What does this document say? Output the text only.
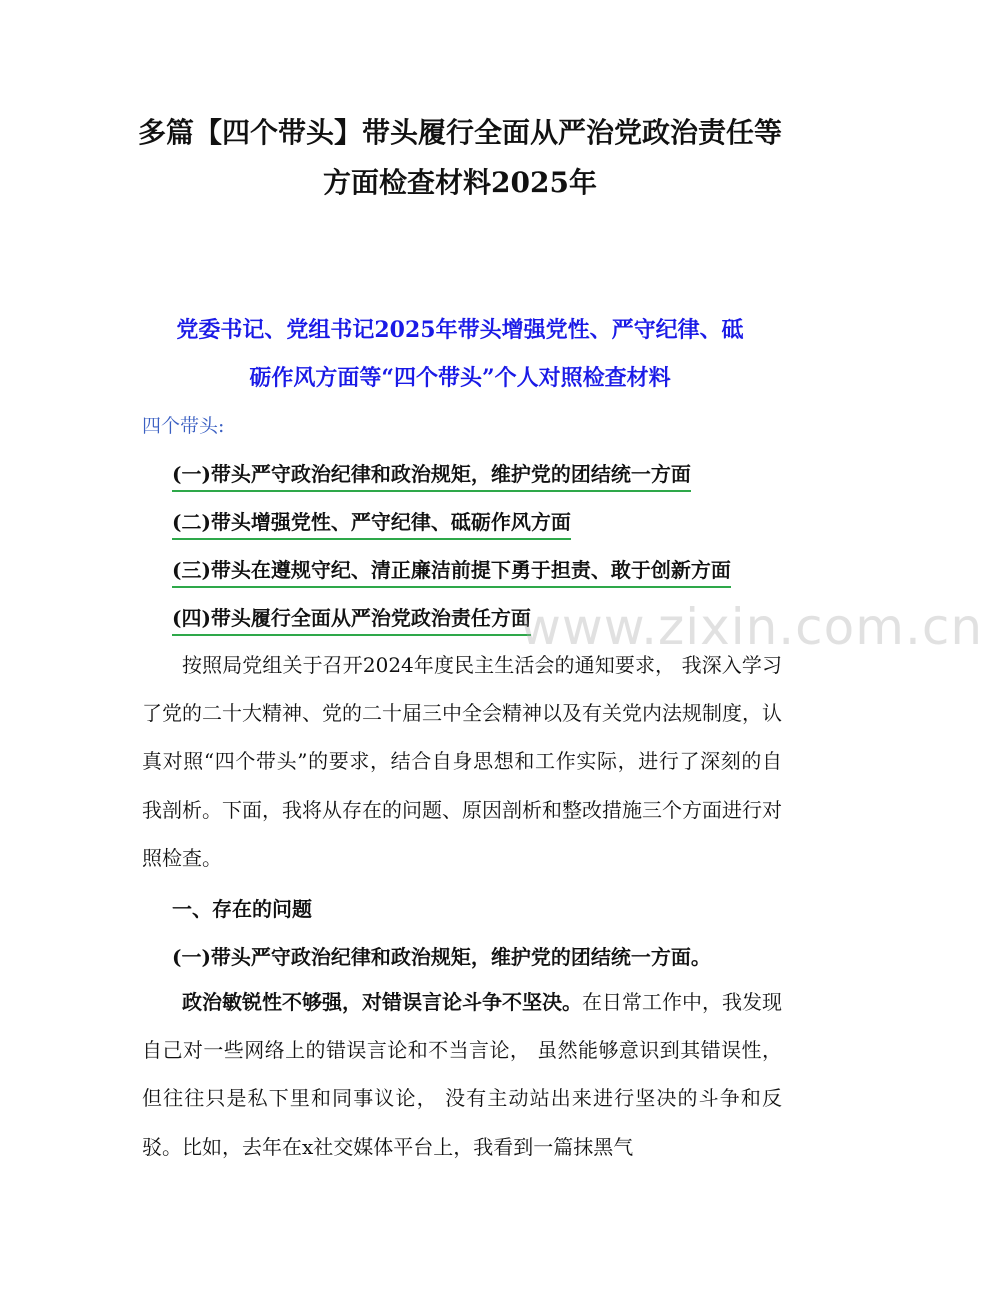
多篇【四个带头】带头履行全面从严治党政治责任等
方面检查材料2025年
党委书记、党组书记2025年带头增强党性、严守纪律、砥
砺作风方面等“四个带头”个人对照检查材料
四个带头:
(一)带头严守政治纪律和政治规矩，维护党的团结统一方面
(二)带头增强党性、严守纪律、砥砺作风方面
(三)带头在遵规守纪、清正廉洁前提下勇于担责、敢于创新方面
(四)带头履行全面从严治党政治责任方面
www.zixin.com.cn
按照局党组关于召开2024年度民主生活会的通知要求， 我深入学习了党的二十大精神、党的二十届三中全会精神以及有关党内法规制度，认真对照“四个带头”的要求，结合自身思想和工作实际，进行了深刻的自我剖析。下面，我将从存在的问题、原因剖析和整改措施三个方面进行对照检查。
一、存在的问题
(一)带头严守政治纪律和政治规矩，维护党的团结统一方面。
政治敏锐性不够强，对错误言论斗争不坚决。在日常工作中，我发现自己对一些网络上的错误言论和不当言论， 虽然能够意识到其错误性，但往往只是私下里和同事议论， 没有主动站出来进行坚决的斗争和反驳。比如，去年在x社交媒体平台上，我看到一篇抹黑气
